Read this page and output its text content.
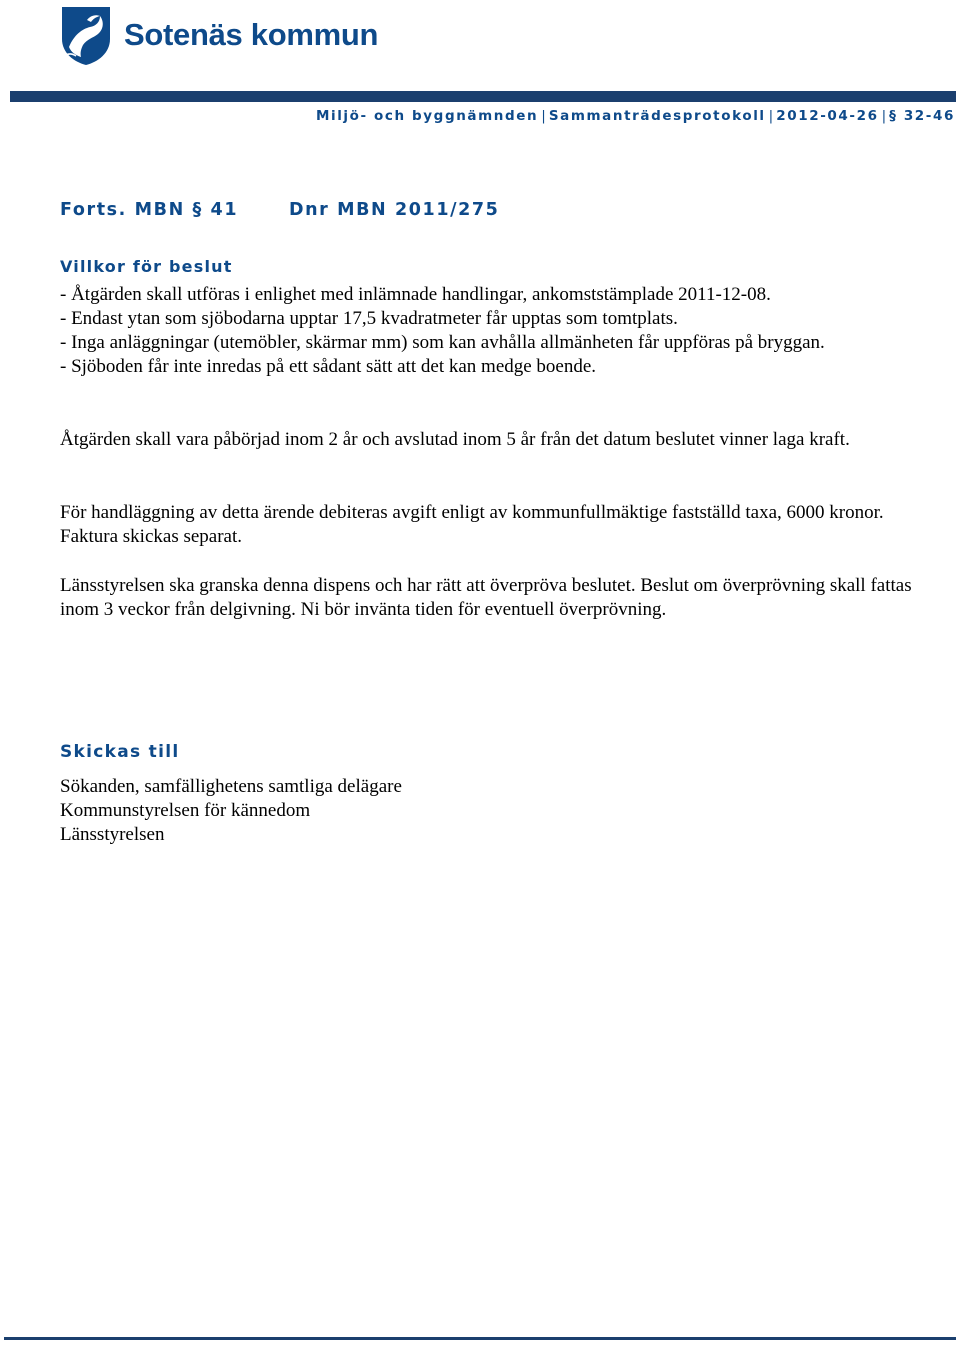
Sotenäs kommun
Miljö- och byggnämnden | Sammanträdesprotokoll | 2012-04-26 | § 32-46
Forts. MBN § 41	Dnr MBN 2011/275
Villkor för beslut
- Åtgärden skall utföras i enlighet med inlämnade handlingar, ankomststämplade 2011-12-08.
- Endast ytan som sjöbodarna upptar 17,5 kvadratmeter får upptas som tomtplats.
- Inga anläggningar (utemöbler, skärmar mm) som kan avhålla allmänheten får uppföras på bryggan.
- Sjöboden får inte inredas på ett sådant sätt att det kan medge boende.

Åtgärden skall vara påbörjad inom 2 år och avslutad inom 5 år från det datum beslutet vinner laga kraft.

För handläggning av detta ärende debiteras avgift enligt av kommunfullmäktige fastställd taxa, 6000 kronor. Faktura skickas separat.

Länsstyrelsen ska granska denna dispens och har rätt att överpröva beslutet. Beslut om överprövning skall fattas inom 3 veckor från delgivning. Ni bör invänta tiden för eventuell överprövning.

Skickas till
Sökanden, samfällighetens samtliga delägare
Kommunstyrelsen för kännedom
Länsstyrelsen
